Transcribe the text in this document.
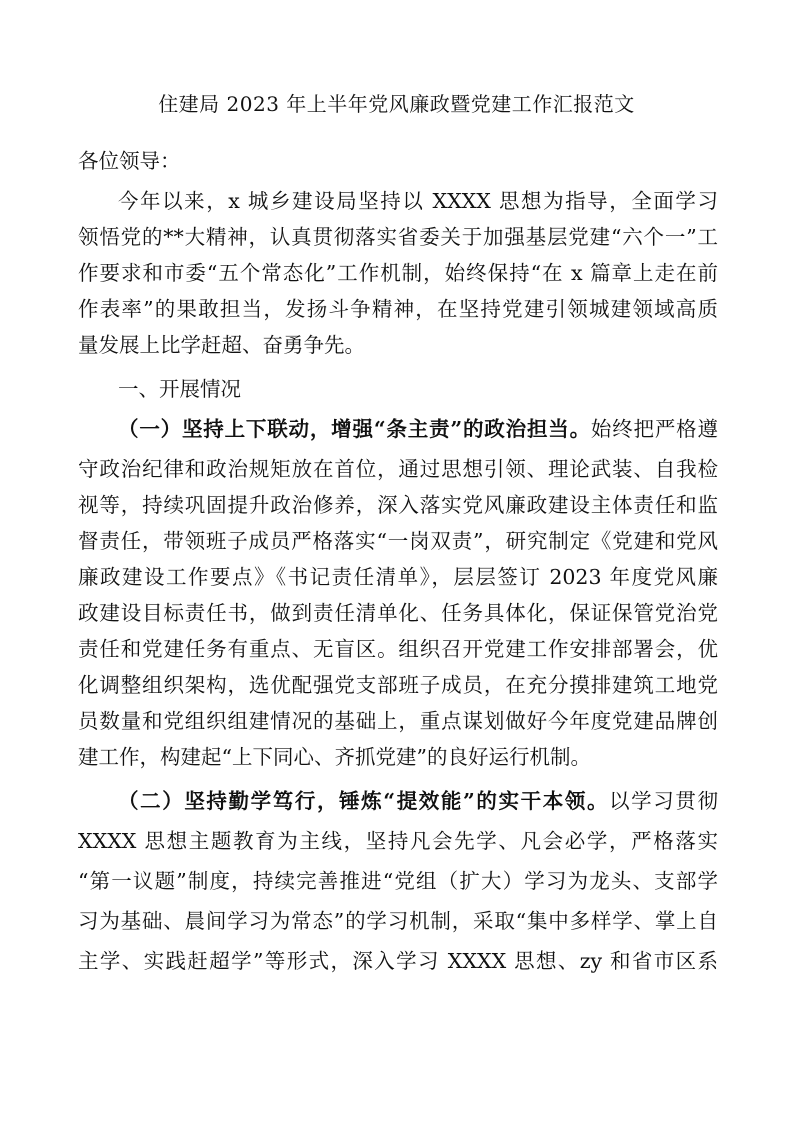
住建局 2023 年上半年党风廉政暨党建工作汇报范文
各位领导：
今年以来，x 城乡建设局坚持以 XXXX 思想为指导，全面学习
领悟党的**大精神，认真贯彻落实省委关于加强基层党建“六个一”工
作要求和市委“五个常态化”工作机制，始终保持“在 x 篇章上走在前
作表率”的果敢担当，发扬斗争精神，在坚持党建引领城建领域高质
量发展上比学赶超、奋勇争先。
一、开展情况
（一）坚持上下联动，增强“条主责”的政治担当。始终把严格遵
守政治纪律和政治规矩放在首位，通过思想引领、理论武装、自我检
视等，持续巩固提升政治修养，深入落实党风廉政建设主体责任和监
督责任，带领班子成员严格落实“一岗双责”，研究制定《党建和党风
廉政建设工作要点》《书记责任清单》，层层签订 2023 年度党风廉
政建设目标责任书，做到责任清单化、任务具体化，保证保管党治党
责任和党建任务有重点、无盲区。组织召开党建工作安排部署会，优
化调整组织架构，选优配强党支部班子成员，在充分摸排建筑工地党
员数量和党组织组建情况的基础上，重点谋划做好今年度党建品牌创
建工作，构建起“上下同心、齐抓党建”的良好运行机制。
（二）坚持勤学笃行，锤炼“提效能”的实干本领。以学习贯彻
XXXX 思想主题教育为主线，坚持凡会先学、凡会必学，严格落实
“第一议题”制度，持续完善推进“党组（扩大）学习为龙头、支部学
习为基础、晨间学习为常态”的学习机制，采取“集中多样学、掌上自
主学、实践赶超学”等形式，深入学习 XXXX 思想、zy 和省市区系
